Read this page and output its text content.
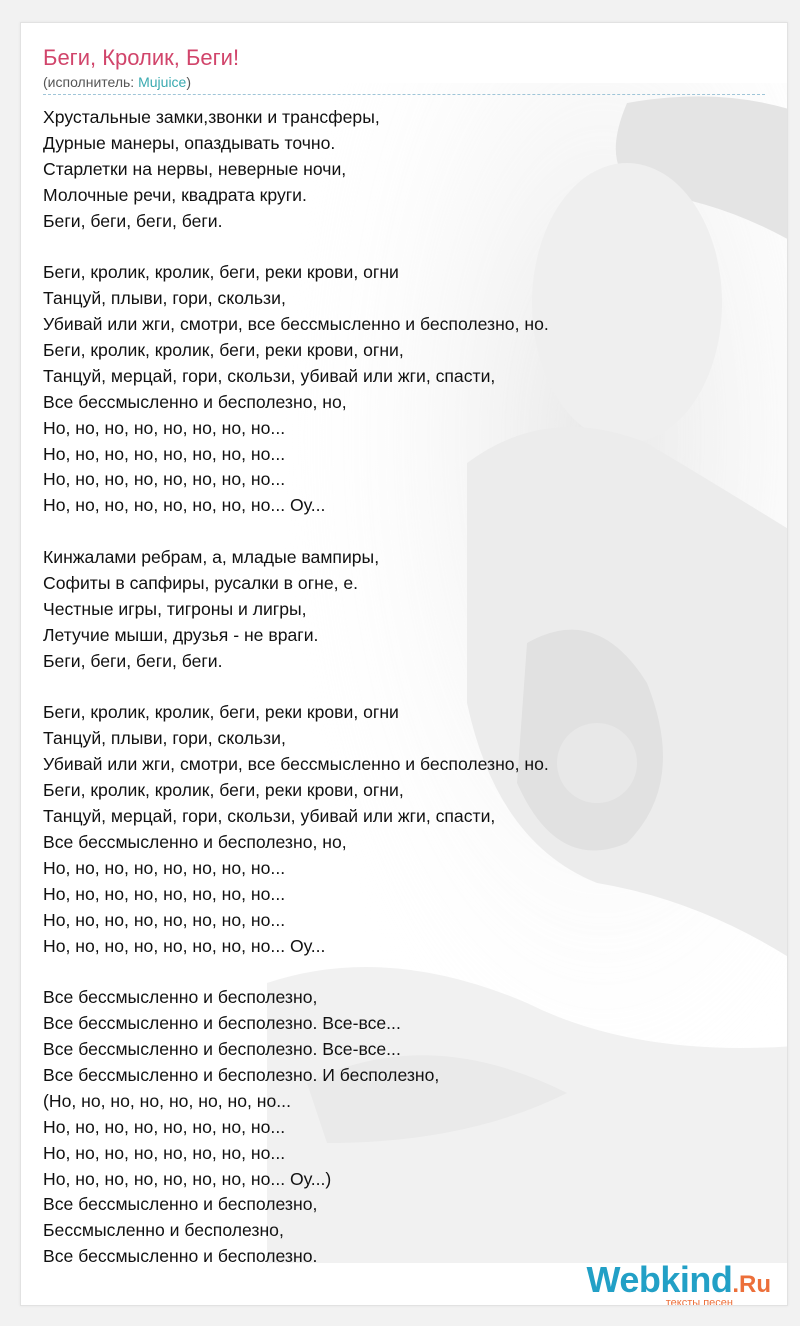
Беги, Кролик, Беги!
(исполнитель: Mujuice)
Хрустальные замки,звонки и трансферы,
Дурные манеры, опаздывать точно.
Старлетки на нервы, неверные ночи,
Молочные речи, квадрата круги.
Беги, беги, беги, беги.
Беги, кролик, кролик, беги, реки крови, огни
Танцуй, плыви, гори, скользи,
Убивай или жги, смотри, все бессмысленно и бесполезно, но.
Беги, кролик, кролик, беги, реки крови, огни,
Танцуй, мерцай, гори, скользи, убивай или жги, спасти,
Все бессмысленно и бесполезно, но,
Но, но, но, но, но, но, но, но...
Но, но, но, но, но, но, но, но...
Но, но, но, но, но, но, но, но...
Но, но, но, но, но, но, но, но... Оу...
Кинжалами ребрам, а, младые вампиры,
Софиты в сапфиры, русалки в огне, е.
Честные игры, тигроны и лигры,
Летучие мыши, друзья - не враги.
Беги, беги, беги, беги.
Беги, кролик, кролик, беги, реки крови, огни
Танцуй, плыви, гори, скользи,
Убивай или жги, смотри, все бессмысленно и бесполезно, но.
Беги, кролик, кролик, беги, реки крови, огни,
Танцуй, мерцай, гори, скользи, убивай или жги, спасти,
Все бессмысленно и бесполезно, но,
Но, но, но, но, но, но, но, но...
Но, но, но, но, но, но, но, но...
Но, но, но, но, но, но, но, но...
Но, но, но, но, но, но, но, но... Оу...
Все бессмысленно и бесполезно,
Все бессмысленно и бесполезно. Все-все...
Все бессмысленно и бесполезно. Все-все...
Все бессмысленно и бесполезно. И бесполезно,
(Но, но, но, но, но, но, но, но...
Но, но, но, но, но, но, но, но...
Но, но, но, но, но, но, но, но...
Но, но, но, но, но, но, но, но... Оу...)
Все бессмысленно и бесполезно,
Бессмысленно и бесполезно,
Все бессмысленно и бесполезно.
Webkind.Ru
тексты песен
